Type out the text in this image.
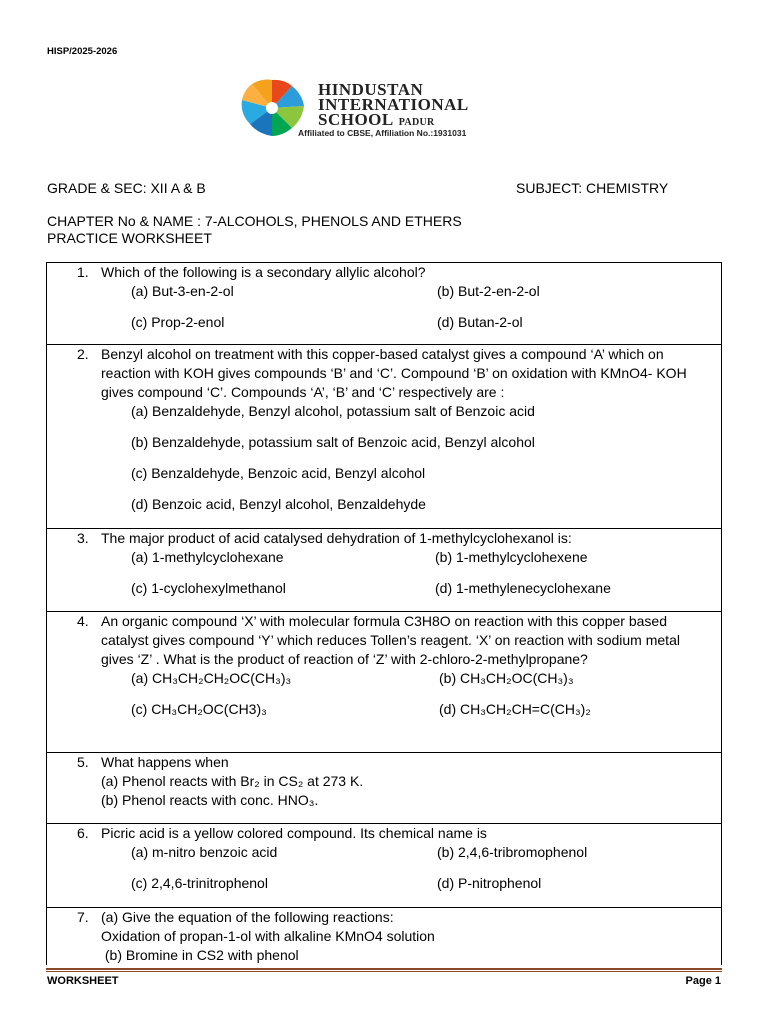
HISP/2025-2026
HINDUSTAN
INTERNATIONAL
SCHOOL PADUR
Affiliated to CBSE, Affiliation No.:1931031
GRADE & SEC: XII A & B	SUBJECT: CHEMISTRY
CHAPTER No & NAME : 7-ALCOHOLS, PHENOLS AND ETHERS
PRACTICE WORKSHEET
1. Which of the following is a secondary allylic alcohol?
(a) But-3-en-2-ol	(b) But-2-en-2-ol
(c) Prop-2-enol	(d) Butan-2-ol

2. Benzyl alcohol on treatment with this copper-based catalyst gives a compound ‘A’ which on reaction with KOH gives compounds ‘B’ and ‘C’. Compound ‘B’ on oxidation with KMnO4- KOH gives compound ‘C’. Compounds ‘A’, ‘B’ and ‘C’ respectively are :
(a) Benzaldehyde, Benzyl alcohol, potassium salt of Benzoic acid
(b) Benzaldehyde, potassium salt of Benzoic acid, Benzyl alcohol
(c) Benzaldehyde, Benzoic acid, Benzyl alcohol
(d) Benzoic acid, Benzyl alcohol, Benzaldehyde

3. The major product of acid catalysed dehydration of 1-methylcyclohexanol is:
(a) 1-methylcyclohexane	(b) 1-methylcyclohexene
(c) 1-cyclohexylmethanol	(d) 1-methylenecyclohexane

4. An organic compound ‘X’ with molecular formula C3H8O on reaction with this copper based catalyst gives compound ‘Y’ which reduces Tollen’s reagent. ‘X’ on reaction with sodium metal gives ‘Z’ . What is the product of reaction of ‘Z’ with 2-chloro-2-methylpropane?
(a) CH₃CH₂CH₂OC(CH₃)₃	(b) CH₃CH₂OC(CH₃)₃
(c) CH₃CH₂OC(CH3)₃	(d) CH₃CH₂CH=C(CH₃)₂

5. What happens when
(a) Phenol reacts with Br₂ in CS₂ at 273 K.
(b) Phenol reacts with conc. HNO₃.

6. Picric acid is a yellow colored compound. Its chemical name is
(a) m-nitro benzoic acid	(b) 2,4,6-tribromophenol
(c) 2,4,6-trinitrophenol	(d) P-nitrophenol

7. (a) Give the equation of the following reactions:
Oxidation of propan-1-ol with alkaline KMnO4 solution
(b) Bromine in CS2 with phenol
WORKSHEET	Page 1
